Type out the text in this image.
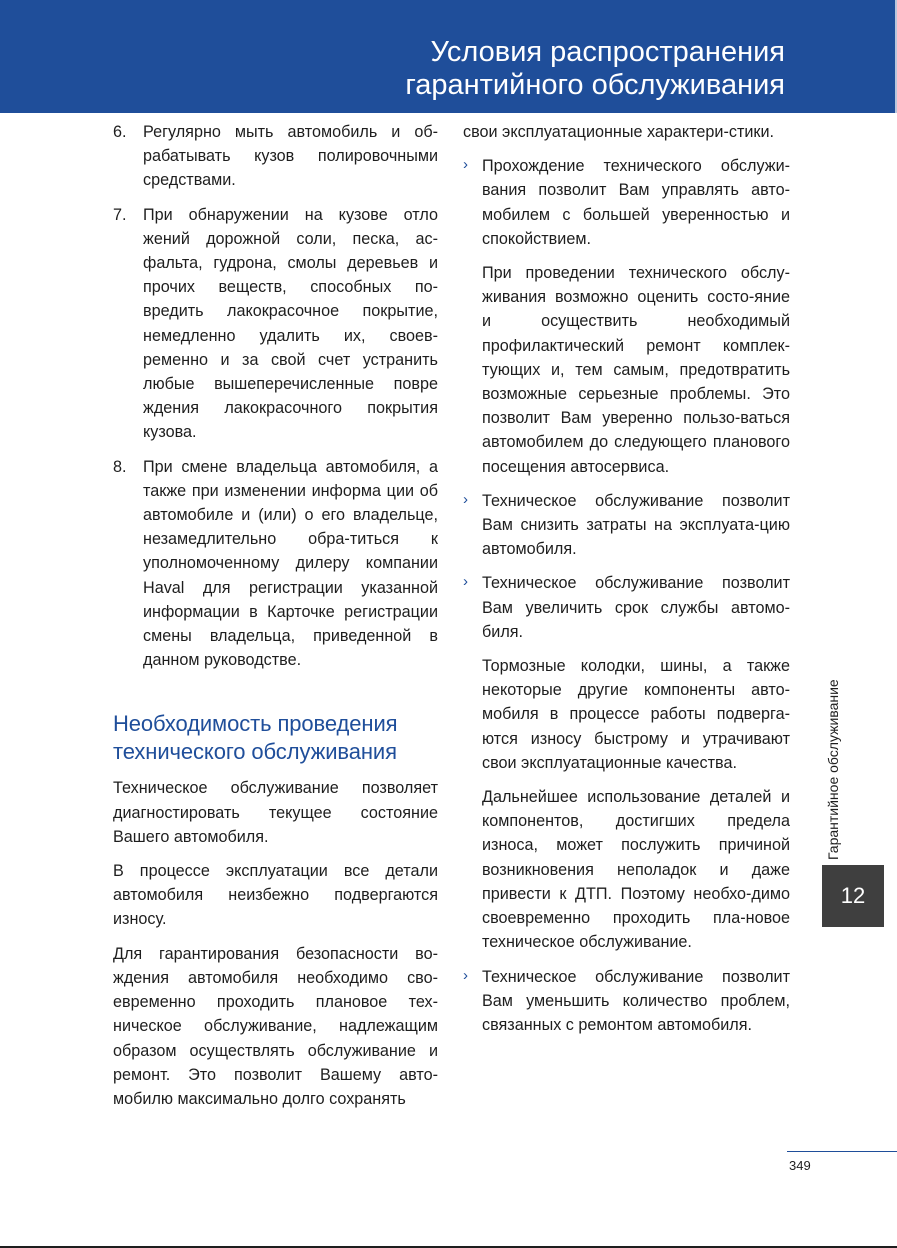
Условия распространения
гарантийного обслуживания
6. Регулярно мыть автомобиль и об-рабатывать кузов полировочными средствами.

7. При обнаружении на кузове отло жений дорожной соли, песка, ас-фальта, гудрона, смолы деревьев и прочих веществ, способных по-вредить лакокрасочное покрытие, немедленно удалить их, своев-ременно и за свой счет устранить любые вышеперечисленные повре ждения лакокрасочного покрытия кузова.

8. При смене владельца автомобиля, а также при изменении информа ции об автомобиле и (или) о его владельце, незамедлительно обра-титься к уполномоченному дилеру компании Haval для регистрации указанной информации в Карточке регистрации смены владельца, приведенной в данном руководстве.

Необходимость проведения
технического обслуживания

Техническое обслуживание позволяет диагностировать текущее состояние Вашего автомобиля.

В процессе эксплуатации все детали автомобиля неизбежно подвергаются износу.

Для гарантирования безопасности во-ждения автомобиля необходимо сво-евременно проходить плановое тех-ническое обслуживание, надлежащим образом осуществлять обслуживание и ремонт. Это позволит Вашему авто-мобилю максимально долго сохранять

свои эксплуатационные характери-стики.

› Прохождение технического обслужи-вания позволит Вам управлять авто-мобилем с большей уверенностью и спокойствием.

При проведении технического обслу-живания возможно оценить состо-яние и осуществить необходимый профилактический ремонт комплек-тующих и, тем самым, предотвратить возможные серьезные проблемы. Это позволит Вам уверенно пользо-ваться автомобилем до следующего планового посещения автосервиса.

› Техническое обслуживание позволит Вам снизить затраты на эксплуата-цию автомобиля.

› Техническое обслуживание позволит Вам увеличить срок службы автомо-биля.

Тормозные колодки, шины, а также некоторые другие компоненты авто-мобиля в процессе работы подверга-ются износу быстрому и утрачивают свои эксплуатационные качества.

Дальнейшее использование деталей и компонентов, достигших предела износа, может послужить причиной возникновения неполадок и даже привести к ДТП. Поэтому необхо-димо своевременно проходить пла-новое техническое обслуживание.

› Техническое обслуживание позволит Вам уменьшить количество проблем, связанных с ремонтом автомобиля.

Гарантийное обслуживание
12
349
